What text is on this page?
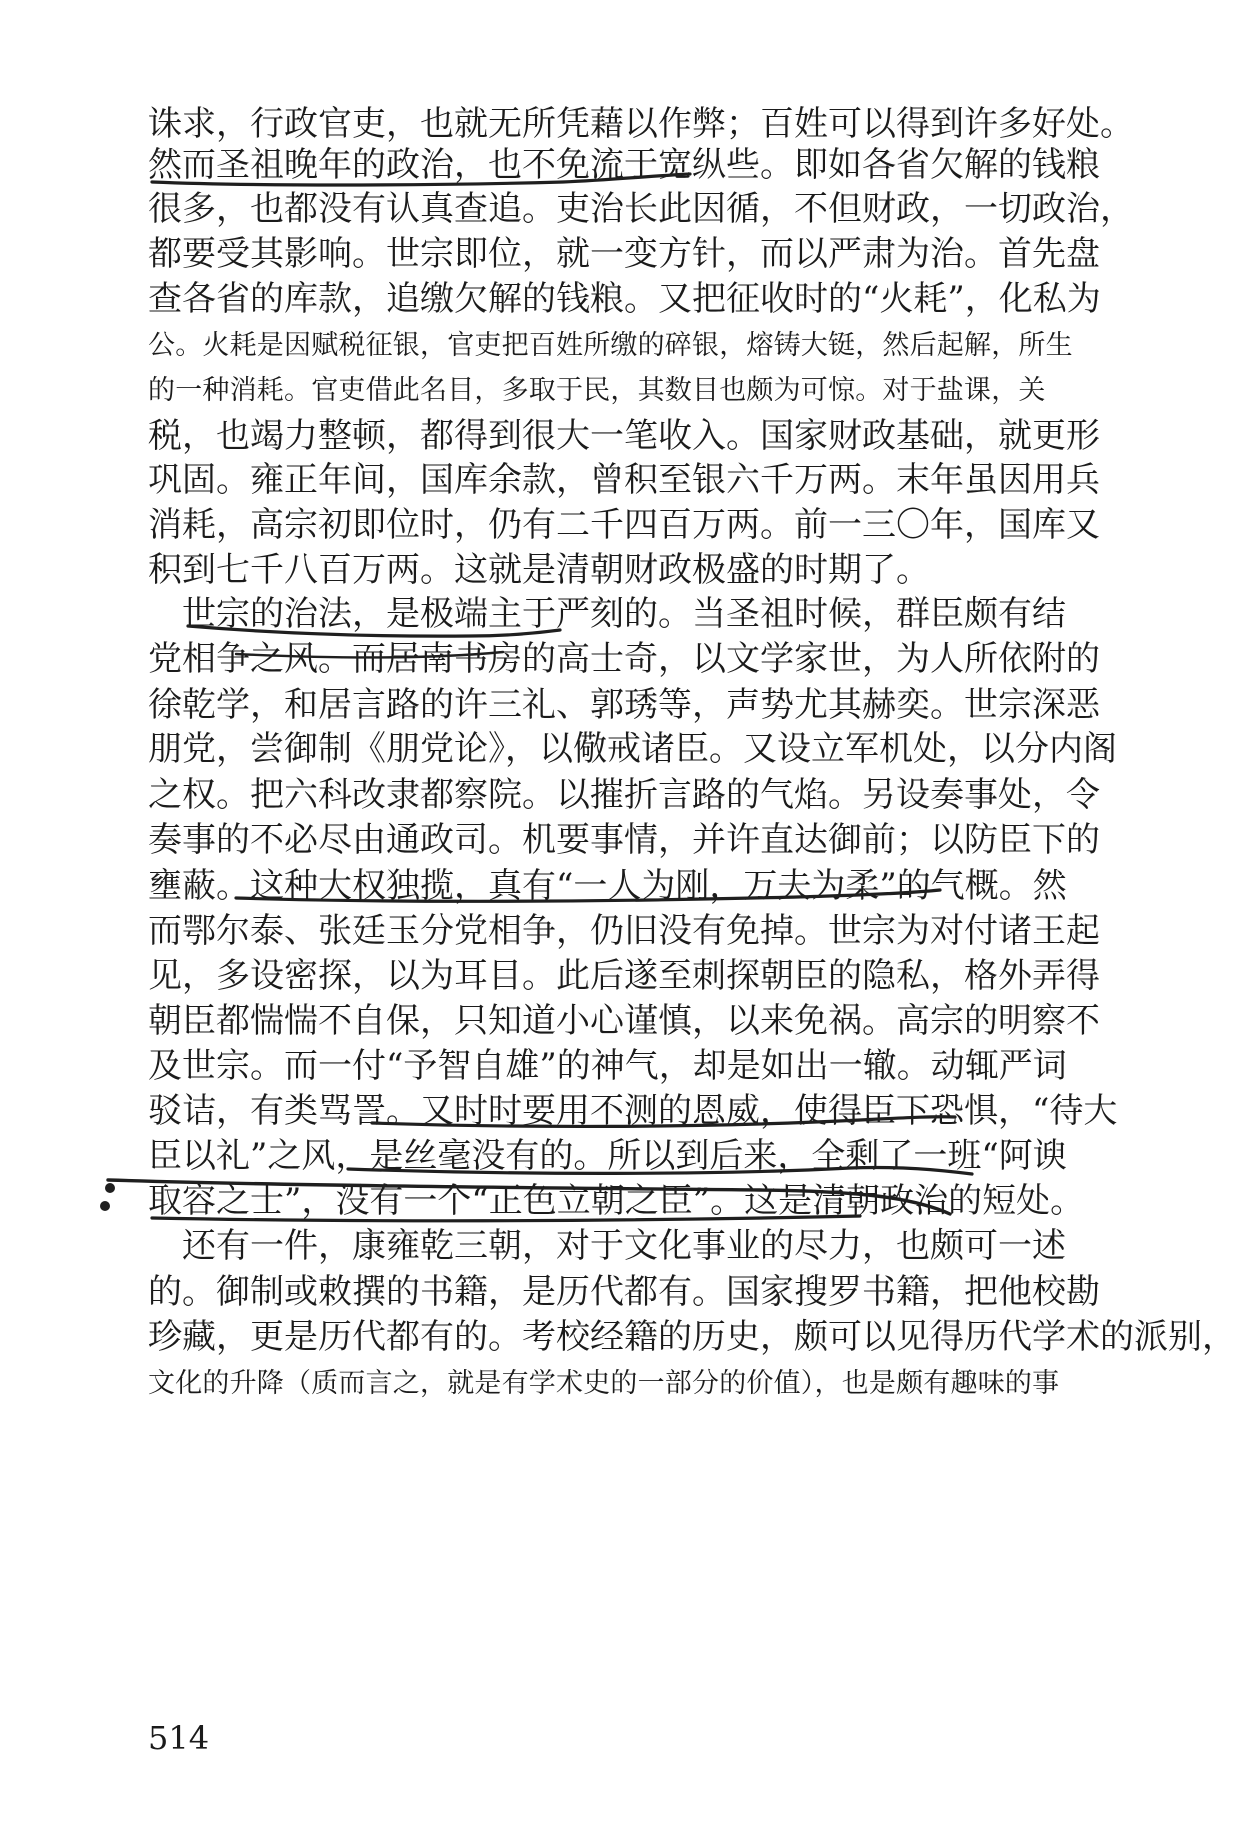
诛求，行政官吏，也就无所凭藉以作弊；百姓可以得到许多好处。
然而圣祖晚年的政治，也不免流于宽纵些。即如各省欠解的钱粮
很多，也都没有认真查追。吏治长此因循，不但财政，一切政治，
都要受其影响。世宗即位，就一变方针，而以严肃为治。首先盘
查各省的库款，追缴欠解的钱粮。又把征收时的“火耗”，化私为
公。火耗是因赋税征银，官吏把百姓所缴的碎银，熔铸大铤，然后起解，所生
的一种消耗。官吏借此名目，多取于民，其数目也颇为可惊。对于盐课，关
税，也竭力整顿，都得到很大一笔收入。国家财政基础，就更形
巩固。雍正年间，国库余款，曾积至银六千万两。末年虽因用兵
消耗，高宗初即位时，仍有二千四百万两。前一三〇年，国库又
积到七千八百万两。这就是清朝财政极盛的时期了。
世宗的治法，是极端主于严刻的。当圣祖时候，群臣颇有结
党相争之风。而居南书房的高士奇，以文学家世，为人所依附的
徐乾学，和居言路的许三礼、郭琇等，声势尤其赫奕。世宗深恶
朋党，尝御制《朋党论》，以儆戒诸臣。又设立军机处，以分内阁
之权。把六科改隶都察院。以摧折言路的气焰。另设奏事处，令
奏事的不必尽由通政司。机要事情，并许直达御前；以防臣下的
壅蔽。这种大权独揽，真有“一人为刚，万夫为柔”的气概。然
而鄂尔泰、张廷玉分党相争，仍旧没有免掉。世宗为对付诸王起
见，多设密探，以为耳目。此后遂至刺探朝臣的隐私，格外弄得
朝臣都惴惴不自保，只知道小心谨慎，以来免祸。高宗的明察不
及世宗。而一付“予智自雄”的神气，却是如出一辙。动辄严词
驳诘，有类骂詈。又时时要用不测的恩威，使得臣下恐惧，“待大
臣以礼”之风，是丝毫没有的。所以到后来，全剩了一班“阿谀
取容之士”，没有一个“正色立朝之臣”。这是清朝政治的短处。
还有一件，康雍乾三朝，对于文化事业的尽力，也颇可一述
的。御制或敕撰的书籍，是历代都有。国家搜罗书籍，把他校勘
珍藏，更是历代都有的。考校经籍的历史，颇可以见得历代学术的派别，
文化的升降（质而言之，就是有学术史的一部分的价值），也是颇有趣味的事
514
